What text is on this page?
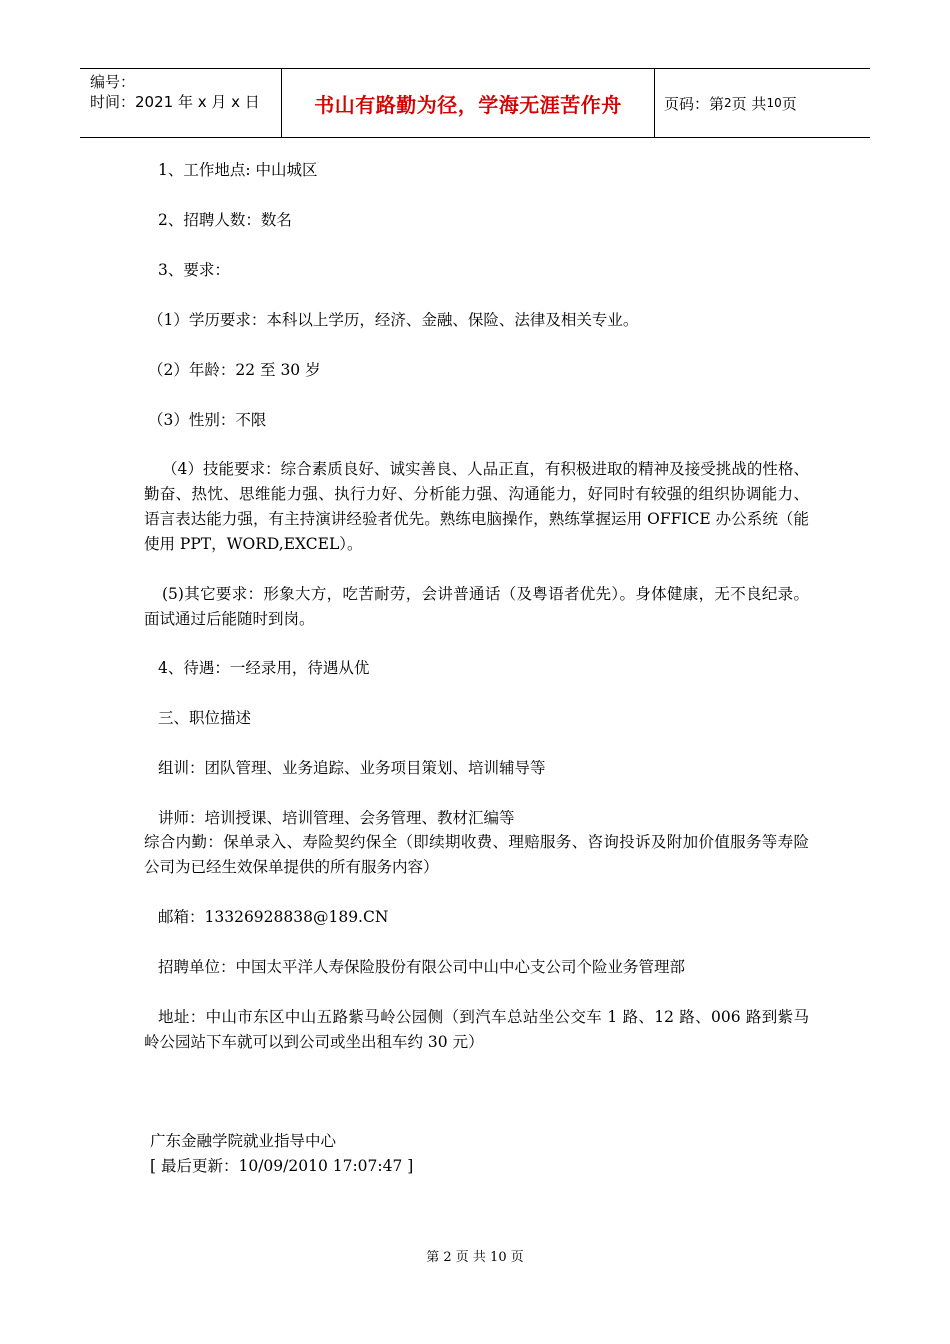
编号：
时间：2021 年 x 月 x 日	书山有路勤为径，学海无涯苦作舟	页码：第 2 页 共 10 页
1、工作地点: 中山城区
2、招聘人数：数名
3、要求：
（1）学历要求：本科以上学历，经济、金融、保险、法律及相关专业。
（2）年龄：22 至 30 岁
（3）性别：不限
（4）技能要求：综合素质良好、诚实善良、人品正直，有积极进取的精神及接受挑战的性格、勤奋、热忱、思维能力强、执行力好、分析能力强、沟通能力，好同时有较强的组织协调能力、语言表达能力强，有主持演讲经验者优先。熟练电脑操作，熟练掌握运用 OFFICE 办公系统（能使用 PPT，WORD,EXCEL）。
(5)其它要求：形象大方，吃苦耐劳，会讲普通话（及粤语者优先）。身体健康，无不良纪录。面试通过后能随时到岗。
4、待遇：一经录用，待遇从优
三、职位描述
组训：团队管理、业务追踪、业务项目策划、培训辅导等
讲师：培训授课、培训管理、会务管理、教材汇编等
综合内勤：保单录入、寿险契约保全（即续期收费、理赔服务、咨询投诉及附加价值服务等寿险公司为已经生效保单提供的所有服务内容）
邮箱：13326928838@189.CN
招聘单位：中国太平洋人寿保险股份有限公司中山中心支公司个险业务管理部
地址：中山市东区中山五路紫马岭公园侧（到汽车总站坐公交车 1 路、12 路、006 路到紫马岭公园站下车就可以到公司或坐出租车约 30 元）
广东金融学院就业指导中心
[ 最后更新：10/09/2010 17:07:47 ]
第 2 页 共 10 页
